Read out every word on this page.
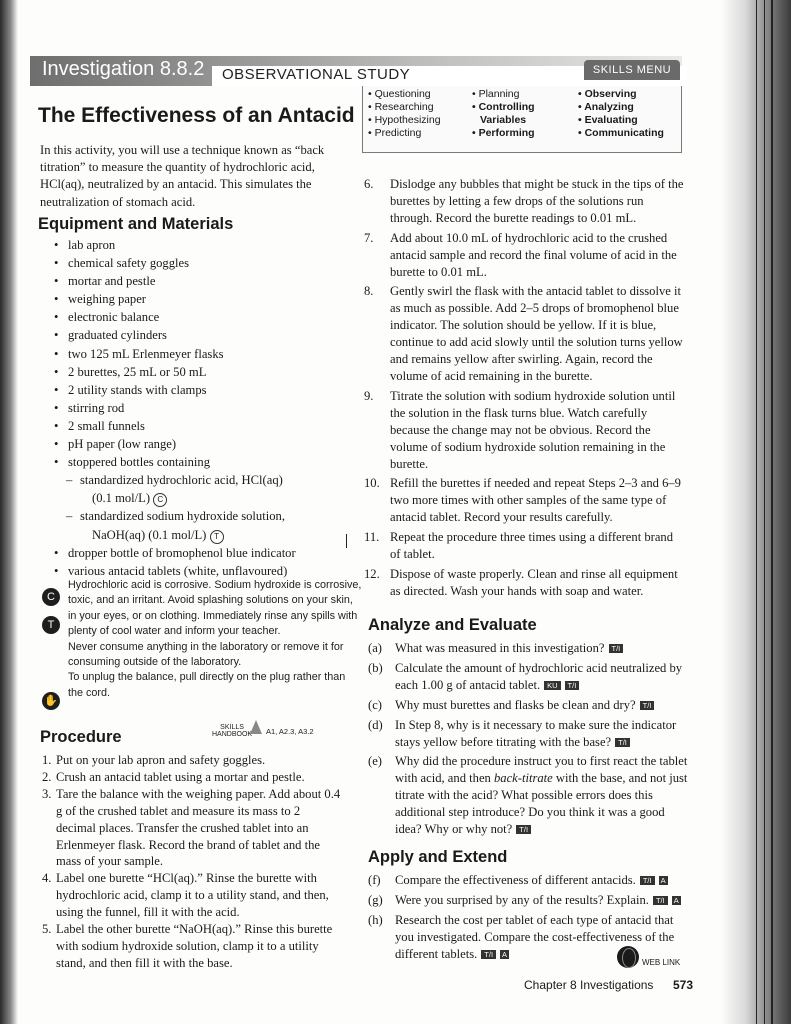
Investigation 8.8.2 OBSERVATIONAL STUDY	SKILLS MENU
• Questioning
• Researching
• Hypothesizing
• Predicting
• Planning
• Controlling
Variables
• Performing
• Observing
• Analyzing
• Evaluating
• Communicating
The Effectiveness of an Antacid

In this activity, you will use a technique known as “back titration” to measure the quantity of hydrochloric acid, HCl(aq), neutralized by an antacid. This simulates the neutralization of stomach acid.

Equipment and Materials
• lab apron
• chemical safety goggles
• mortar and pestle
• weighing paper
• electronic balance
• graduated cylinders
• two 125 mL Erlenmeyer flasks
• 2 burettes, 25 mL or 50 mL
• 2 utility stands with clamps
• stirring rod
• 2 small funnels
• pH paper (low range)
• stoppered bottles containing
– standardized hydrochloric acid, HCl(aq)
(0.1 mol/L) C
– standardized sodium hydroxide solution,
NaOH(aq) (0.1 mol/L) T
• dropper bottle of bromophenol blue indicator
• various antacid tablets (white, unflavoured)
C
T
✋
Hydrochloric acid is corrosive. Sodium hydroxide is corrosive,
toxic, and an irritant. Avoid splashing solutions on your skin,
in your eyes, or on clothing. Immediately rinse any spills with
plenty of cool water and inform your teacher.
Never consume anything in the laboratory or remove it for
consuming outside of the laboratory.
To unplug the balance, pull directly on the plug rather than
the cord.
Procedure
SKILLS
HANDBOOK A1, A2.3, A3.2
1. Put on your lab apron and safety goggles.
2. Crush an antacid tablet using a mortar and pestle.
3. Tare the balance with the weighing paper. Add about 0.4 g of the crushed tablet and measure its mass to 2 decimal places. Transfer the crushed tablet into an Erlenmeyer flask. Record the brand of tablet and the mass of your sample.
4. Label one burette “HCl(aq).” Rinse the burette with hydrochloric acid, clamp it to a utility stand, and then, using the funnel, fill it with the acid.
5. Label the other burette “NaOH(aq).” Rinse this burette with sodium hydroxide solution, clamp it to a utility stand, and then fill it with the base.
6. Dislodge any bubbles that might be stuck in the tips of the burettes by letting a few drops of the solutions run through. Record the burette readings to 0.01 mL.
7. Add about 10.0 mL of hydrochloric acid to the crushed antacid sample and record the final volume of acid in the burette to 0.01 mL.
8. Gently swirl the flask with the antacid tablet to dissolve it as much as possible. Add 2–5 drops of bromophenol blue indicator. The solution should be yellow. If it is blue, continue to add acid slowly until the solution turns yellow and remains yellow after swirling. Again, record the volume of acid remaining in the burette.
9. Titrate the solution with sodium hydroxide solution until the solution in the flask turns blue. Watch carefully because the change may not be obvious. Record the volume of sodium hydroxide solution remaining in the burette.
10. Refill the burettes if needed and repeat Steps 2–3 and 6–9 two more times with other samples of the same type of antacid tablet. Record your results carefully.
11. Repeat the procedure three times using a different brand of tablet.
12. Dispose of waste properly. Clean and rinse all equipment as directed. Wash your hands with soap and water.
Analyze and Evaluate
(a) What was measured in this investigation? T/I
(b) Calculate the amount of hydrochloric acid neutralized by each 1.00 g of antacid tablet. KU T/I
(c) Why must burettes and flasks be clean and dry? T/I
(d) In Step 8, why is it necessary to make sure the indicator stays yellow before titrating with the base? T/I
(e) Why did the procedure instruct you to first react the tablet with acid, and then back-titrate with the base, and not just titrate with the acid? What possible errors does this additional step introduce? Do you think it was a good idea? Why or why not? T/I
Apply and Extend
(f) Compare the effectiveness of different antacids. T/I A
(g) Were you surprised by any of the results? Explain. T/I A
(h) Research the cost per tablet of each type of antacid that you investigated. Compare the cost-effectiveness of the different tablets. T/I A
WEB LINK
Chapter 8 Investigations 573
